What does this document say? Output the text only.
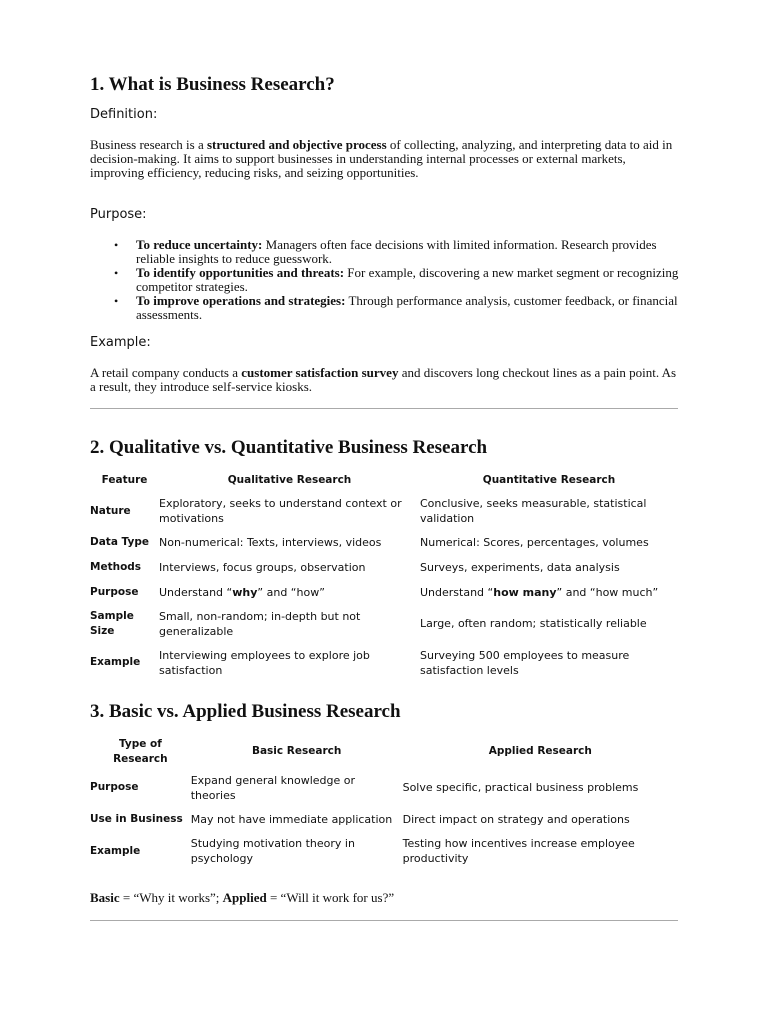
1. What is Business Research?
Definition:

Business research is a structured and objective process of collecting, analyzing, and interpreting data to aid in decision-making. It aims to support businesses in understanding internal processes or external markets, improving efficiency, reducing risks, and seizing opportunities.

Purpose:
• To reduce uncertainty: Managers often face decisions with limited information. Research provides reliable insights to reduce guesswork.
• To identify opportunities and threats: For example, discovering a new market segment or recognizing competitor strategies.
• To improve operations and strategies: Through performance analysis, customer feedback, or financial assessments.
Example:

A retail company conducts a customer satisfaction survey and discovers long checkout lines as a pain point. As a result, they introduce self-service kiosks.

2. Qualitative vs. Quantitative Business Research
Feature	Qualitative Research	Quantitative Research
Nature	Exploratory, seeks to understand context or motivations	Conclusive, seeks measurable, statistical validation
Data Type	Non-numerical: Texts, interviews, videos	Numerical: Scores, percentages, volumes
Methods	Interviews, focus groups, observation	Surveys, experiments, data analysis
Purpose	Understand “why” and “how”	Understand “how many” and “how much”
Sample Size	Small, non-random; in-depth but not generalizable	Large, often random; statistically reliable
Example	Interviewing employees to explore job satisfaction	Surveying 500 employees to measure satisfaction levels
3. Basic vs. Applied Business Research
Type of Research	Basic Research	Applied Research
Purpose	Expand general knowledge or theories	Solve specific, practical business problems
Use in Business	May not have immediate application	Direct impact on strategy and operations
Example	Studying motivation theory in psychology	Testing how incentives increase employee productivity

Basic = “Why it works”; Applied = “Will it work for us?”
